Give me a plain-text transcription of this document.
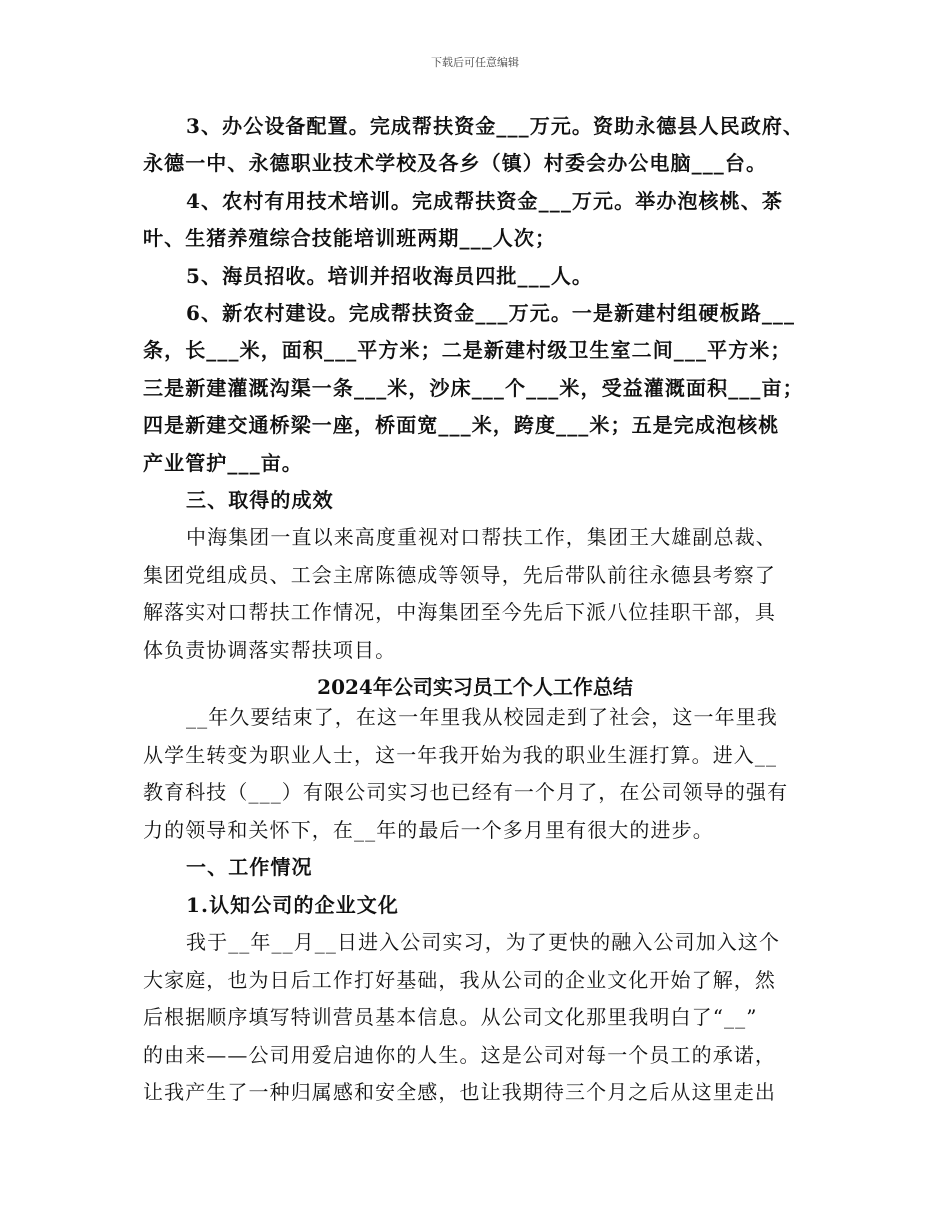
下载后可任意编辑
2024年公司实习员工个人工作总结
3、办公设备配置。完成帮扶资金___万元。资助永德县人民政府、
永德一中、永德职业技术学校及各乡（镇）村委会办公电脑___台。
4、农村有用技术培训。完成帮扶资金___万元。举办泡核桃、茶
叶、生猪养殖综合技能培训班两期___人次；
5、海员招收。培训并招收海员四批___人。
6、新农村建设。完成帮扶资金___万元。一是新建村组硬板路___
条，长___米，面积___平方米；二是新建村级卫生室二间___平方米；
三是新建灌溉沟渠一条___米，沙床___个___米，受益灌溉面积___亩；
四是新建交通桥梁一座，桥面宽___米，跨度___米；五是完成泡核桃
产业管护___亩。
三、取得的成效
中海集团一直以来高度重视对口帮扶工作，集团王大雄副总裁、
集团党组成员、工会主席陈德成等领导，先后带队前往永德县考察了
解落实对口帮扶工作情况，中海集团至今先后下派八位挂职干部，具
体负责协调落实帮扶项目。
__年久要结束了，在这一年里我从校园走到了社会，这一年里我
从学生转变为职业人士，这一年我开始为我的职业生涯打算。进入__
教育科技（___）有限公司实习也已经有一个月了，在公司领导的强有
力的领导和关怀下，在__年的最后一个多月里有很大的进步。
一、工作情况
1.认知公司的企业文化
我于__年__月__日进入公司实习，为了更快的融入公司加入这个
大家庭，也为日后工作打好基础，我从公司的企业文化开始了解，然
后根据顺序填写特训营员基本信息。从公司文化那里我明白了“__”
的由来——公司用爱启迪你的人生。这是公司对每一个员工的承诺，
让我产生了一种归属感和安全感，也让我期待三个月之后从这里走出
